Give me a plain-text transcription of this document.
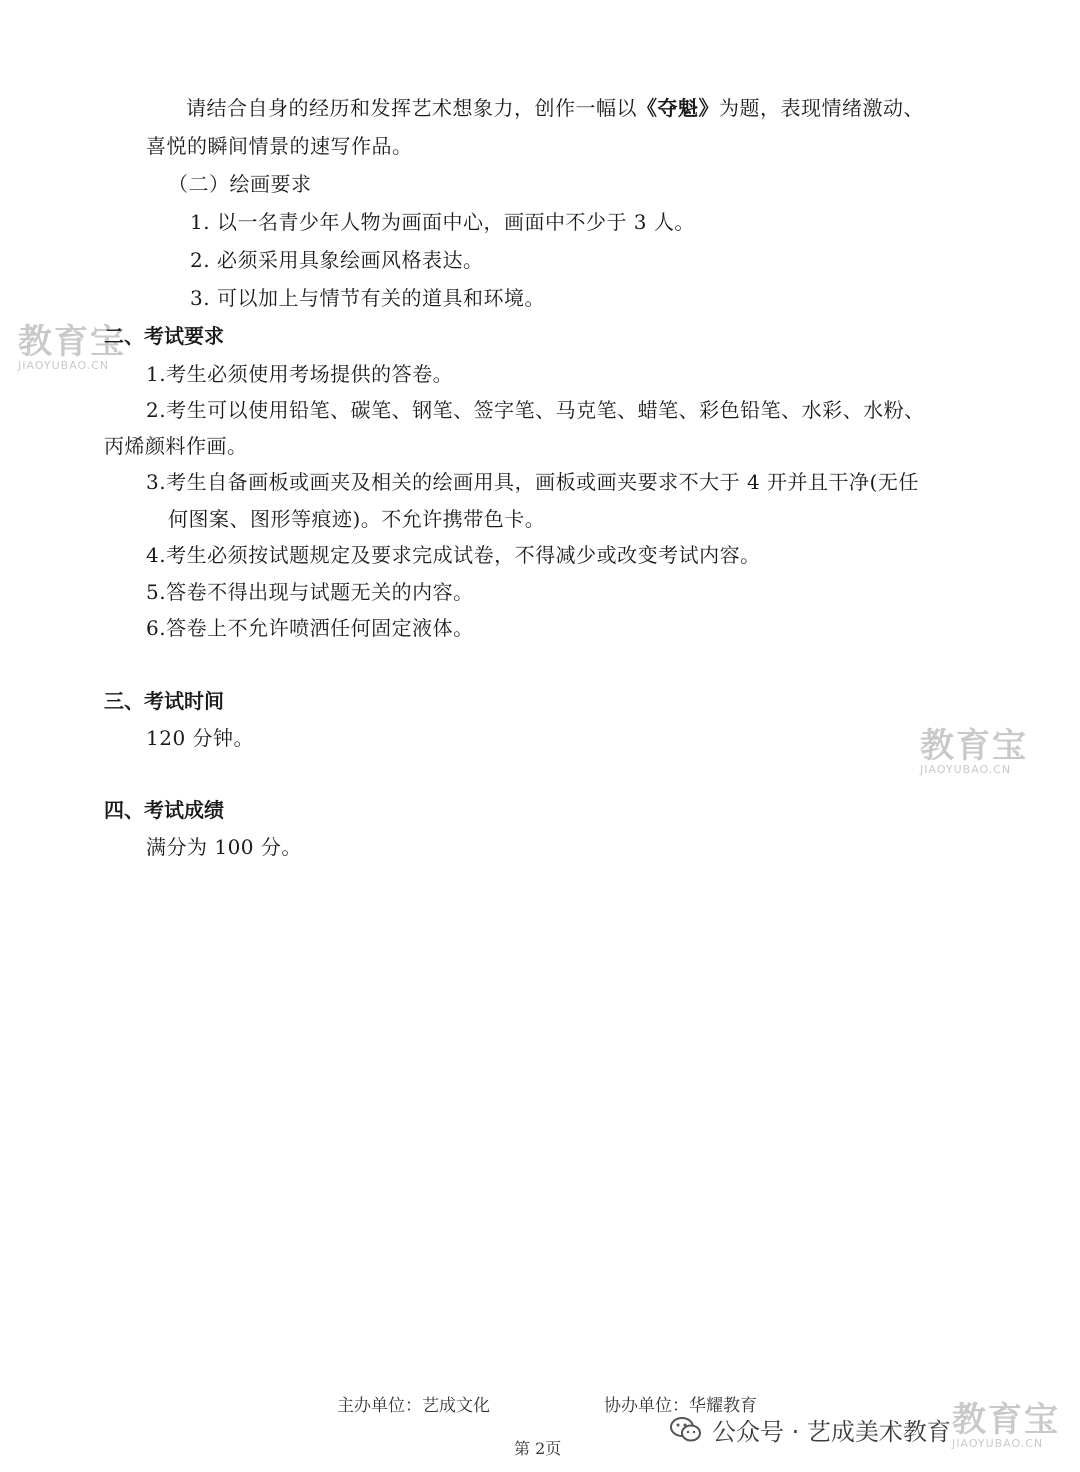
请结合自身的经历和发挥艺术想象力，创作一幅以《夺魁》为题，表现情绪激动、
喜悦的瞬间情景的速写作品。
（二）绘画要求
1. 以一名青少年人物为画面中心，画面中不少于 3 人。
2. 必须采用具象绘画风格表达。
3. 可以加上与情节有关的道具和环境。
教育宝
JIAOYUBAO.CN
二、考试要求
1.考生必须使用考场提供的答卷。
2.考生可以使用铅笔、碳笔、钢笔、签字笔、马克笔、蜡笔、彩色铅笔、水彩、水粉、
丙烯颜料作画。
3.考生自备画板或画夹及相关的绘画用具，画板或画夹要求不大于 4 开并且干净(无任
何图案、图形等痕迹)。不允许携带色卡。
4.考生必须按试题规定及要求完成试卷，不得减少或改变考试内容。
5.答卷不得出现与试题无关的内容。
6.答卷上不允许喷洒任何固定液体。
三、考试时间
120 分钟。	教育宝
JIAOYUBAO.CN
四、考试成绩
满分为 100 分。
主办单位：艺成文化	协办单位：华耀教育
第 2页
公众号 · 艺成美术教育 教育宝
JIAOYUBAO.CN
